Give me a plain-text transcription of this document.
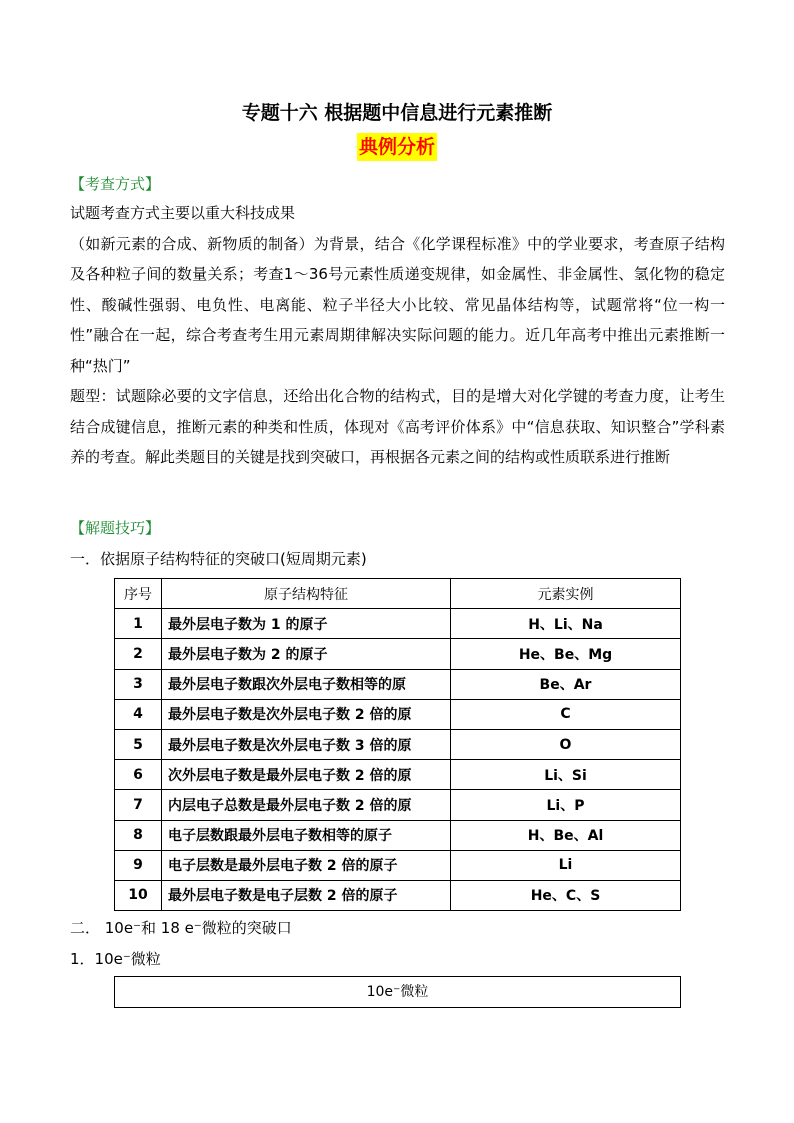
专题十六 根据题中信息进行元素推断
典例分析
【考查方式】

试题考查方式主要以重大科技成果

（如新元素的合成、新物质的制备）为背景，结合《化学课程标准》中的学业要求，考查原子结构及各种粒子间的数量关系；考查1～36号元素性质递变规律，如金属性、非金属性、氢化物的稳定性、酸碱性强弱、电负性、电离能、粒子半径大小比较、常见晶体结构等，试题常将“位一构一性”融合在一起，综合考查考生用元素周期律解决实际问题的能力。近几年高考中推出元素推断一种“热门”

题型：试题除必要的文字信息，还给出化合物的结构式，目的是增大对化学键的考查力度，让考生结合成键信息，推断元素的种类和性质，体现对《高考评价体系》中“信息获取、知识整合”学科素养的考查。解此类题目的关键是找到突破口，再根据各元素之间的结构或性质联系进行推断

【解题技巧】
一．依据原子结构特征的突破口(短周期元素)
序号	原子结构特征	元素实例
1	最外层电子数为 1 的原子	H、Li、Na
2	最外层电子数为 2 的原子	He、Be、Mg
3	最外层电子数跟次外层电子数相等的原	Be、Ar
4	最外层电子数是次外层电子数 2 倍的原	C
5	最外层电子数是次外层电子数 3 倍的原	O
6	次外层电子数是最外层电子数 2 倍的原	Li、Si
7	内层电子总数是最外层电子数 2 倍的原	Li、P
8	电子层数跟最外层电子数相等的原子	H、Be、Al
9	电子层数是最外层电子数 2 倍的原子	Li
10	最外层电子数是电子层数 2 倍的原子	He、C、S
二． 10e⁻和 18 e⁻微粒的突破口
1．10e⁻微粒
10e⁻微粒
